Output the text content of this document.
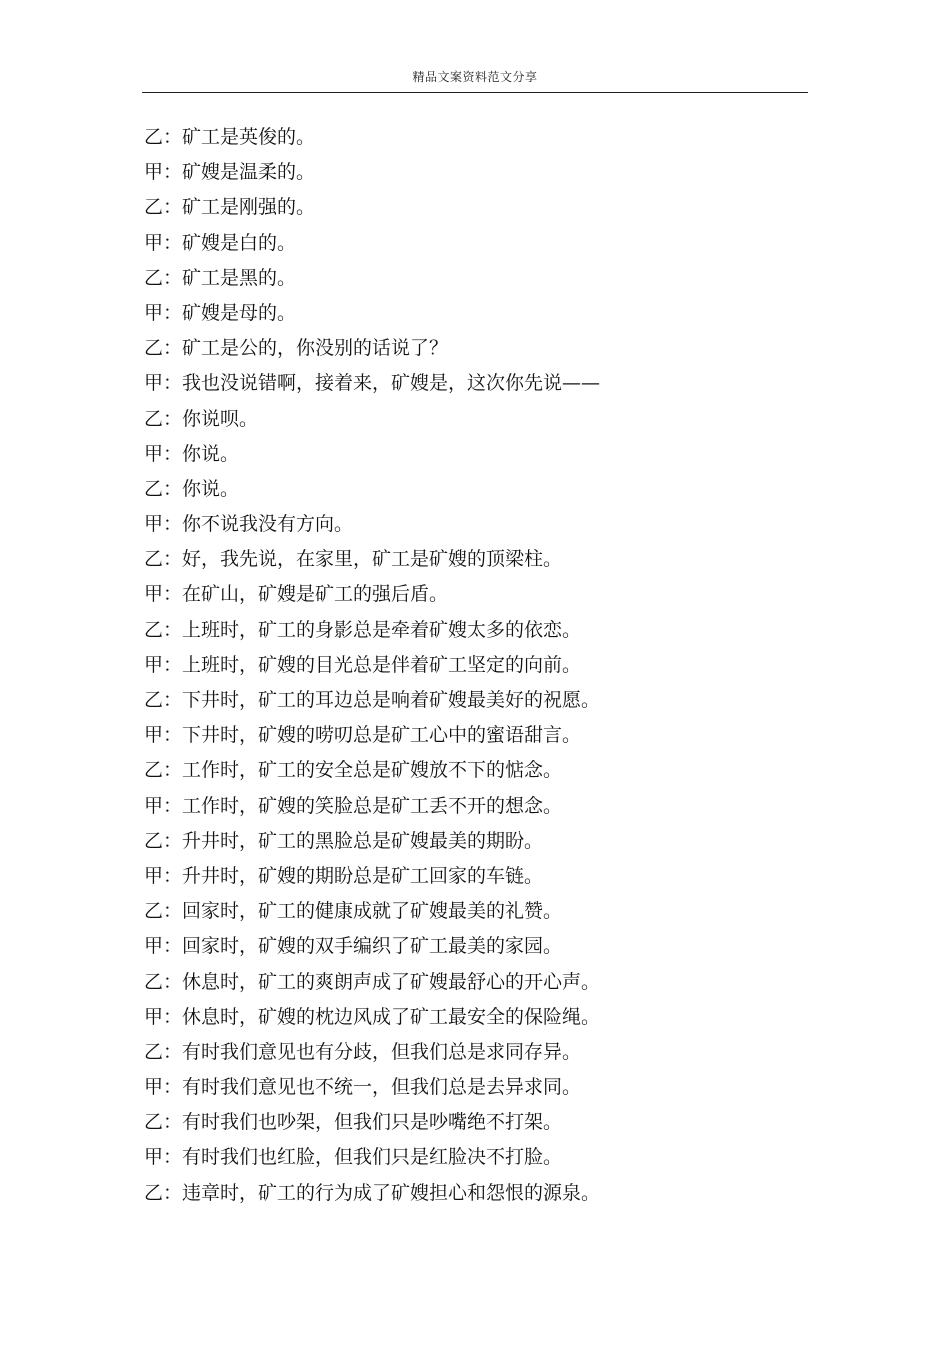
精品文案资料范文分享
乙：矿工是英俊的。
甲：矿嫂是温柔的。
乙：矿工是刚强的。
甲：矿嫂是白的。
乙：矿工是黑的。
甲：矿嫂是母的。
乙：矿工是公的，你没别的话说了？
甲：我也没说错啊，接着来，矿嫂是，这次你先说——
乙：你说呗。
甲：你说。
乙：你说。
甲：你不说我没有方向。
乙：好，我先说，在家里，矿工是矿嫂的顶梁柱。
甲：在矿山，矿嫂是矿工的强后盾。
乙：上班时，矿工的身影总是牵着矿嫂太多的依恋。
甲：上班时，矿嫂的目光总是伴着矿工坚定的向前。
乙：下井时，矿工的耳边总是响着矿嫂最美好的祝愿。
甲：下井时，矿嫂的唠叨总是矿工心中的蜜语甜言。
乙：工作时，矿工的安全总是矿嫂放不下的惦念。
甲：工作时，矿嫂的笑脸总是矿工丢不开的想念。
乙：升井时，矿工的黑脸总是矿嫂最美的期盼。
甲：升井时，矿嫂的期盼总是矿工回家的车链。
乙：回家时，矿工的健康成就了矿嫂最美的礼赞。
甲：回家时，矿嫂的双手编织了矿工最美的家园。
乙：休息时，矿工的爽朗声成了矿嫂最舒心的开心声。
甲：休息时，矿嫂的枕边风成了矿工最安全的保险绳。
乙：有时我们意见也有分歧，但我们总是求同存异。
甲：有时我们意见也不统一，但我们总是去异求同。
乙：有时我们也吵架，但我们只是吵嘴绝不打架。
甲：有时我们也红脸，但我们只是红脸决不打脸。
乙：违章时，矿工的行为成了矿嫂担心和怨恨的源泉。
